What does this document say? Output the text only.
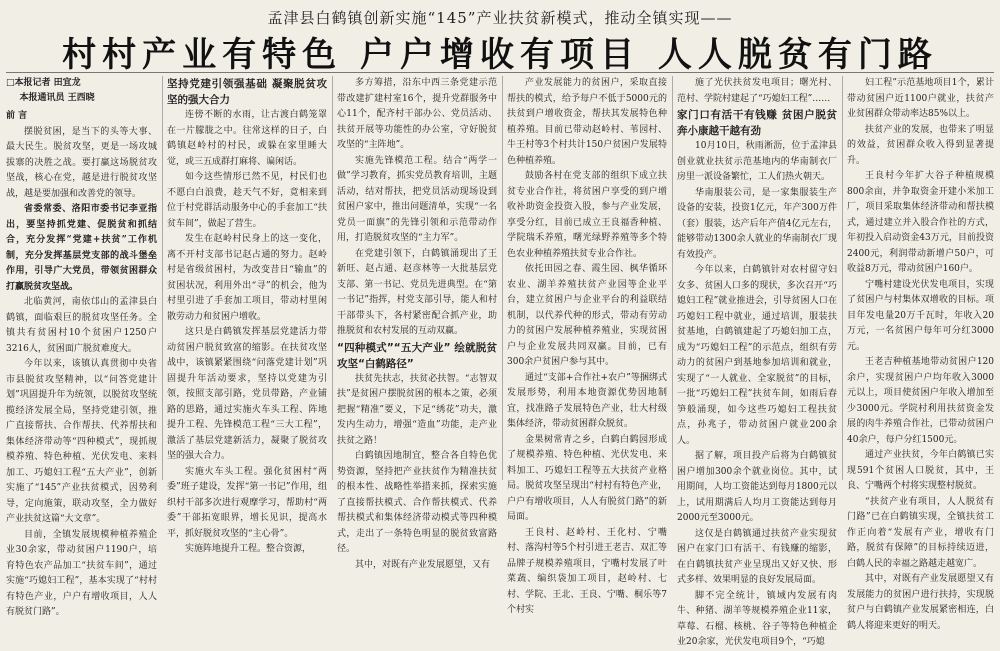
孟津县白鹤镇创新实施“145”产业扶贫新模式，推动全镇实现——
村村产业有特色 户户增收有项目 人人脱贫有门路
□本报记者 田宜龙
本报通讯员 王西晓
前 言

摆脱贫困，是当下的头等大事、最大民生。脱贫攻坚，更是一场攻城拔寨的决胜之战。要打赢这场脱贫攻坚战，核心在党，越是进行脱贫攻坚战，越是要加强和改善党的领导。

省委常委、洛阳市委书记李亚指出，要坚持抓党建、促脱贫和抓结合，充分发挥“党建+扶贫”工作机制，充分发挥基层党支部的战斗堡垒作用，引导广大党员，带领贫困群众打赢脱贫攻坚战。

北临黄河，南依邙山的孟津县白鹤镇，面临艰巨的脱贫攻坚任务。全镇共有贫困村10个贫困户1250户3216人，贫困面广脱贫难度大。

今年以来，该镇认真贯彻中央省市县脱贫攻坚精神，以“问答党建计划”巩固提升年为统领，以脱贫攻坚统揽经济发展全局，坚持党建引领，推广直接帮扶、合作帮扶、代养帮扶和集体经济带动等“四种模式”，现抓规模养殖、特色种植、光伏发电、来料加工、巧媳妇工程“五大产业”，创新实施了“145”产业扶贫模式，因势利导，定向施策，联动攻坚，全力做好产业扶贫这篇“大文章”。

目前，全镇发展规模种植养殖企业30余家，带动贫困户1190户，培育特色农产品加工“扶贫车间”，通过实施“巧媳妇工程”，基本实现了“村村有特色产业，户户有增收项目，人人有脱贫门路”。

坚持党建引领强基础 凝聚脱贫攻坚的强大合力

连傍不断的水雨，让古渡白鹤笼罩在一片朦胧之中。往常这样的日子，白鹤镇赵岭村的村民，或躲在家里睡大觉，或三五成群打麻将、谝闲话。

如今这些情形已然不见，村民们也不愿白白浪费，趁天气不好，竟相来到位于村党群活动服务中心的手套加工“扶贫车间”，做起了营生。

发生在赵岭村民身上的这一变化，离不开村支部书记赵占通的努力。赵岭村是省级贫困村，为改变昔日“输血”的贫困状况，利用外出“寻”的机会，他为村里引进了手套加工项目，带动村里闲散劳动力和贫困户增收。

这只是白鹤镇发挥基层党建活力带动贫困户脱贫致富的缩影。在扶贫攻坚战中，该镇紧紧围绕“问落党建计划”巩固提升年活动要求，坚持以党建为引领，按照支部引路，党员带路，产业铺路的思路，通过实施火车头工程、阵地提升工程、先锋模范工程“三大工程”，激活了基层党建新活力，凝聚了脱贫攻坚的强大合力。

实施火车头工程。强化贫困村“两委”班子建设，发挥“第一书记”作用，组织村干部多次进行观摩学习，帮助村“两委”干部拓宽眼界，增长见识，提高水平，抓好脱贫攻坚的“主心骨”。

实施阵地提升工程。整合资源，

多方筹措，沿东中西三条党建示范带改建扩建村室16个，提升党群服务中心11个，配齐村干部办公、党员活动、扶贫开展等功能性的办公室，守好脱贫攻坚的“主阵地”。

实施先锋模范工程。结合“两学一做”学习教育，抓实党员教育培训，主题活动，结对帮扶，把党员活动现场设到贫困户家中，推出问题清单，实现“一名党员一面旗”的先锋引领和示范带动作用，打造脱贫攻坚的“主力军”。

在党建引领下，白鹤镇涌现出了王新旺、赵占通、赵彦林等一大批基层党支部、第一书记、党员先进典型。在“第一书记”指挥，村党支部引导，能人和村干部带头下，各村紧密配合抓产业，助推脱贫和农村发展的互动双赢。

“四种模式”“五大产业” 绘就脱贫攻坚“白鹤路径”

扶贫先扶志，扶贫必扶智。“志智双扶”是贫困户摆脱贫困的根本之策，必须把握“精准”要义，下足“绣花”功夫，激发内生动力，增强“造血”功能，走产业扶贫之路！

白鹤镇因地制宜，整合各自特色优势资源，坚持把产业扶贫作为精准扶贫的根本性、战略性举措来抓，探索实施了直接帮扶模式、合作帮扶模式、代养帮扶模式和集体经济带动模式等四种模式，走出了一条特色明显的脱贫致富路径。

其中，对既有产业发展愿望，又有

产业发展能力的贫困户，采取直接帮扶的模式，给予每户不低于5000元的扶贫到户增收资金，帮扶其发展特色种植养殖。目前已带动赵岭村、苇园村、牛王村等3个村共计150户贫困户发展特色种植养殖。

鼓励各村在党支部的组织下成立扶贫专业合作社，将贫困户享受的到户增收补助资金投资入股，参与产业发展，享受分红，目前已成立王良福香种植、学院瑞禾养殖，曙光绿野养殖等多个特色农业种植养殖扶贫专业合作社。

依托田园之春、霞生园、枫华循环农业、湖羊养殖扶贫产业园等企业平台，建立贫困户与企业平台的利益联结机制，以代养代种的形式，带动有劳动力的贫困户发展种植养殖业，实现贫困户与企业发展共同双赢。目前，已有300余户贫困户参与其中。

通过“支部+合作社+农户”等捆绑式发展形势，利用本地资源优势因地制宜，找准路子发展特色产业，壮大村级集体经济，带动贫困群众脱贫。

金果树常青之乡，白鹤白鹤园形成了规模养殖、特色种植、光伏发电、来料加工、巧媳妇工程等五大扶贫产业格局。脱贫攻坚呈现出“村村有特色产业，户户有增收项目，人人有脱贫门路”的新局面。

王良村、赵岭村、王化村、宁嘴村、落沟村等5个村引进王老吉、双汇等品牌子规模养殖项目，宁嘴村发展了叶菜蔬、编织袋加工项目，赵岭村、七村、学院、王北、王良、宁嘴、桐乐等7个村实

施了光伏扶贫发电项目；曙光村、范村、学院村建起了“巧媳妇工程”……

家门口有活干有钱赚 贫困户脱贫奔小康越干越有劲

10月10日，秋雨淅沥，位于孟津县创业就业扶贫示范基地内的华南制衣厂房里一派设备繁忙，工人们热火朝天。

华南服装公司，是一家集服装生产设备的安装，投资1亿元，年产300万件（套）服装，达产后年产值4亿元左右，能够带动1300余人就业的华南制衣厂现有效投产。

今年以来，白鹤镇针对农村留守妇女多、贫困人口多的现状，多次召开“巧媳妇工程”就业推进会，引导贫困人口在巧媳妇工程中就业，通过培训，服装扶贫基地，白鹤镇建起了巧媳妇加工点，成为“巧媳妇工程”的示范点，组织有劳动力的贫困户到基地参加培训和就业，实现了“一人就业、全家脱贫”的目标，一批“巧媳妇工程”扶贫车间，如雨后春笋般涌现，如今这些巧媳妇工程扶贫点，孙兆子，带动贫困户就业200余人。

据了解，项目投产后将为白鹤镇贫困户增加300余个就业岗位。其中，试用期间，人均工资能达到每月1800元以上，试用期满后人均月工资能达到每月2000元至3000元。

这仅是白鹤镇通过扶贫产业实现贫困户在家门口有活干、有钱赚的缩影，在白鹤镇扶贫产业呈现出又好又快、形式多样、效果明显的良好发展局面。

脚不完全统计，镇域内发展有肉牛、种猪、湖羊等规模养殖企业11家，草莓、石榴、核桃、谷子等特色种植企业20余家，光伏发电项目9个，“巧媳

妇工程”示范基地项目1个，累计带动贫困户近1100户就业，扶贫产业贫困群众带动率达85%以上。

扶贫产业的发展，也带来了明显的效益，贫困群众收入得到显著提升。

王良村今年扩大谷子种植规模800余亩，并争取资金开建小米加工厂，项目采取集体经济带动和帮扶模式，通过建立并入股合作社的方式，年初投入启动资金43万元，目前投资2400元，利润带动新增户50户，可收益8万元，带动贫困户160户。

宁嘴村建设光伏发电项目，实现了贫困户与村集体双增收的目标。项目年发电量20万千瓦时，年收入20万元，一名贫困户每年可分红3000元。

王老吉种植基地带动贫困户120余户，实现贫困户户均年收入3000元以上，项目使贫困户年收入增加至少3000元。学院村利用扶贫资金发展的肉牛养殖合作社，已带动贫困户40余户，每户分红1500元。

通过产业扶贫，今年白鹤镇已实现591个贫困人口脱贫，其中，王良、宁嘴两个村将实现整村脱贫。

“扶贫产业有项目，人人脱贫有门路”已在白鹤镇实现，全镇扶贫工作正向着“发展有产业，增收有门路，脱贫有保障”的目标持续迈进，白鹤人民的幸福之路越走越宽广。

其中，对既有产业发展愿望又有发展能力的贫困户进行扶持，实现脱贫户与白鹤镇产业发展紧密相连，白鹤人将迎来更好的明天。
